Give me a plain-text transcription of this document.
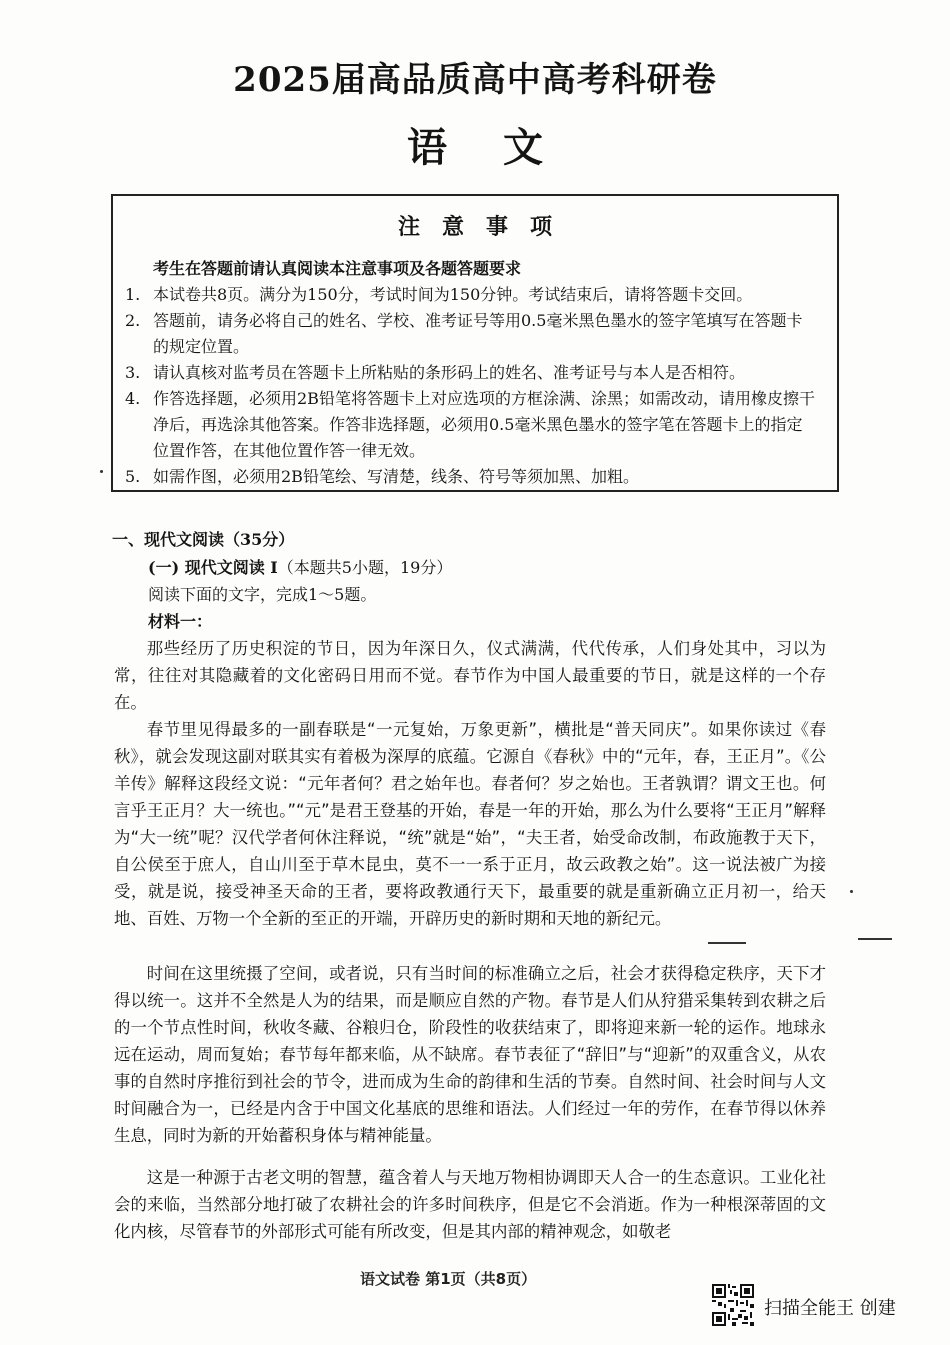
2025届高品质高中高考科研卷
语文
注意事项
考生在答题前请认真阅读本注意事项及各题答题要求
1. 本试卷共8页。满分为150分，考试时间为150分钟。考试结束后，请将答题卡交回。
2. 答题前，请务必将自己的姓名、学校、准考证号等用0.5毫米黑色墨水的签字笔填写在答题卡的规定位置。
3. 请认真核对监考员在答题卡上所粘贴的条形码上的姓名、准考证号与本人是否相符。
4. 作答选择题，必须用2B铅笔将答题卡上对应选项的方框涂满、涂黑；如需改动，请用橡皮擦干净后，再选涂其他答案。作答非选择题，必须用0.5毫米黑色墨水的签字笔在答题卡上的指定位置作答，在其他位置作答一律无效。
5. 如需作图，必须用2B铅笔绘、写清楚，线条、符号等须加黑、加粗。
一、现代文阅读（35分）
(一) 现代文阅读 I（本题共5小题，19分）
阅读下面的文字，完成1～5题。
材料一：

那些经历了历史积淀的节日，因为年深日久，仪式满满，代代传承，人们身处其中，习以为常，往往对其隐藏着的文化密码日用而不觉。春节作为中国人最重要的节日，就是这样的一个存在。

春节里见得最多的一副春联是“一元复始，万象更新”，横批是“普天同庆”。如果你读过《春秋》，就会发现这副对联其实有着极为深厚的底蕴。它源自《春秋》中的“元年，春，王正月”。《公羊传》解释这段经文说：“元年者何？君之始年也。春者何？岁之始也。王者孰谓？谓文王也。何言乎王正月？大一统也。”“元”是君王登基的开始，春是一年的开始，那么为什么要将“王正月”解释为“大一统”呢？汉代学者何休注释说，“统”就是“始”，“夫王者，始受命改制，布政施教于天下，自公侯至于庶人，自山川至于草木昆虫，莫不一一系于正月，故云政教之始”。这一说法被广为接受，就是说，接受神圣天命的王者，要将政教通行天下，最重要的就是重新确立正月初一，给天地、百姓、万物一个全新的至正的开端，开辟历史的新时期和天地的新纪元。

时间在这里统摄了空间，或者说，只有当时间的标准确立之后，社会才获得稳定秩序，天下才得以统一。这并不全然是人为的结果，而是顺应自然的产物。春节是人们从狩猎采集转到农耕之后的一个节点性时间，秋收冬藏、谷粮归仓，阶段性的收获结束了，即将迎来新一轮的运作。地球永远在运动，周而复始；春节每年都来临，从不缺席。春节表征了“辞旧”与“迎新”的双重含义，从农事的自然时序推衍到社会的节令，进而成为生命的韵律和生活的节奏。自然时间、社会时间与人文时间融合为一，已经是内含于中国文化基底的思维和语法。人们经过一年的劳作，在春节得以休养生息，同时为新的开始蓄积身体与精神能量。

这是一种源于古老文明的智慧，蕴含着人与天地万物相协调即天人合一的生态意识。工业化社会的来临，当然部分地打破了农耕社会的许多时间秩序，但是它不会消逝。作为一种根深蒂固的文化内核，尽管春节的外部形式可能有所改变，但是其内部的精神观念，如敬老

语文试卷 第1页（共8页）
扫描全能王 创建
